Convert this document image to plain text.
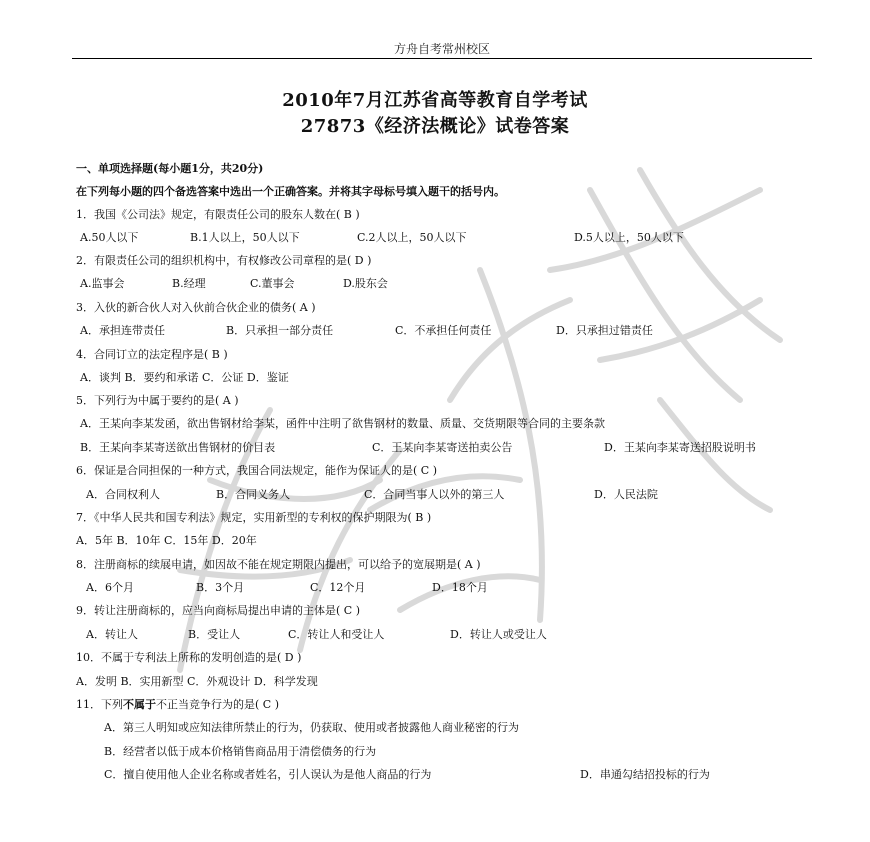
方舟自考常州校区
2010年7月江苏省高等教育自学考试
27873《经济法概论》试卷答案
一、单项选择题(每小题1分，共20分)
在下列每小题的四个备选答案中选出一个正确答案。并将其字母标号填入题干的括号内。
1．我国《公司法》规定，有限责任公司的股东人数在( B )
A.50人以下	B.1人以上，50人以下	C.2人以上，50人以下	D.5人以上，50人以下
2．有限责任公司的组织机构中，有权修改公司章程的是( D )
A.监事会	B.经理	C.董事会	D.股东会
3．入伙的新合伙人对入伙前合伙企业的债务( A )
A．承担连带责任	B．只承担一部分责任	C．不承担任何责任	D．只承担过错责任
4．合同订立的法定程序是( B )
A．谈判 B．要约和承诺 C．公证 D．鉴证
5．下列行为中属于要约的是( A )
A．王某向李某发函，欲出售钢材给李某，函件中注明了欲售钢材的数量、质量、交货期限等合同的主要条款
B．王某向李某寄送欲出售钢材的价目表	C．王某向李某寄送拍卖公告	D．王某向李某寄送招股说明书
6．保证是合同担保的一种方式，我国合同法规定，能作为保证人的是( C )
A．合同权利人	B．合同义务人	C．合同当事人以外的第三人	D．人民法院
7．《中华人民共和国专利法》规定，实用新型的专利权的保护期限为( B )
A．5年 B．10年 C．15年 D．20年
8．注册商标的续展申请，如因故不能在规定期限内提出，可以给予的宽展期是( A )
A．6个月	B．3个月	C．12个月	D．18个月
9．转让注册商标的，应当向商标局提出申请的主体是( C )
A．转让人	B．受让人	C．转让人和受让人	D．转让人或受让人
10．不属于专利法上所称的发明创造的是( D )
A．发明 B．实用新型 C．外观设计 D．科学发现
11．下列不属于不正当竞争行为的是( C )
A．第三人明知或应知法律所禁止的行为，仍获取、使用或者披露他人商业秘密的行为
B．经营者以低于成本价格销售商品用于清偿债务的行为
C．擅自使用他人企业名称或者姓名，引人误认为是他人商品的行为	D．串通勾结招投标的行为
